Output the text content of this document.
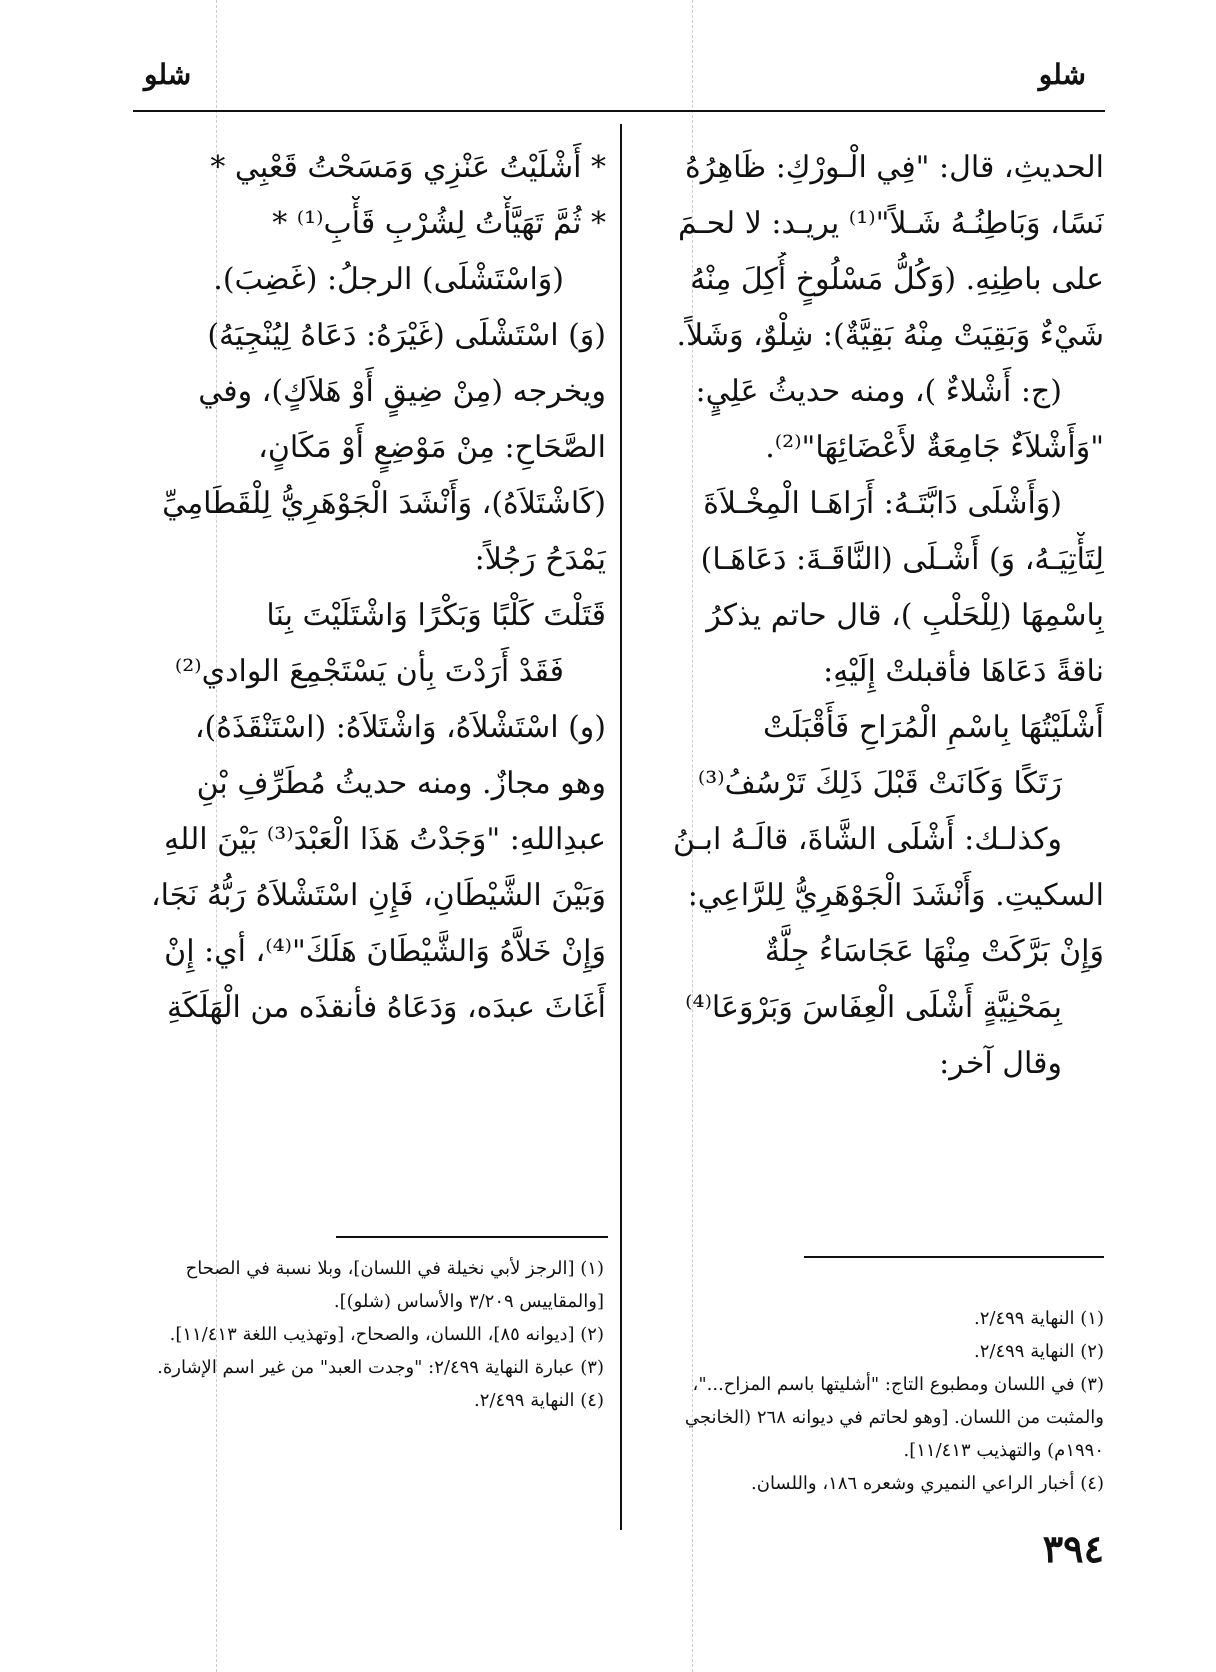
شلو
شلو
الحديثِ، قال: "فِي الْـورْكِ: ظَاهِرُهُ
نَسًا، وَبَاطِنُـهُ شَـلاً"⁽¹⁾ يريـد: لا لحـمَ
على باطِنِهِ. (وَكُلُّ مَسْلُوخٍ أُكِلَ مِنْهُ
شَيْءٌ وَبَقِيَتْ مِنْهُ بَقِيَّةٌ): شِلْوٌ، وَشَلاً.
(ج: أَشْلاءٌ )، ومنه حديثُ عَلِيٍ:
"وَأَشْلاَءٌ جَامِعَةٌ لأَعْضَائِهَا"⁽²⁾.
(وَأَشْلَى دَابَّتَـهُ: أَرَاهَـا الْمِخْـلاَةَ
لِتَأْتِيَـهُ، وَ) أَشْـلَى (النَّاقَـةَ: دَعَاهَـا)
بِاسْمِهَا (لِلْحَلْبِ )، قال حاتم يذكرُ
ناقةً دَعَاهَا فأقبلتْ إِلَيْهِ:
أَشْلَيْتُهَا بِاسْمِ الْمُرَاحِ فَأَقْبَلَتْ
رَتَكًا وَكَانَتْ قَبْلَ ذَلِكَ تَرْسُفُ⁽³⁾
وكذلـك: أَشْلَى الشَّاةَ، قالَـهُ ابـنُ
السكيتِ. وَأَنْشَدَ الْجَوْهَرِيُّ لِلرَّاعِي:
وَإِنْ بَرَّكَتْ مِنْهَا عَجَاسَاءُ جِلَّةٌ
بِمَحْنِيَّةٍ أَشْلَى الْعِفَاسَ وَبَرْوَعَا⁽⁴⁾
وقال آخر:
* أَشْلَيْتُ عَنْزِي وَمَسَحْتُ قَعْبِي *
* ثُمَّ تَهَيَّأْتُ لِشُرْبِ قَأْبِ⁽¹⁾ *
(وَاسْتَشْلَى) الرجلُ: (غَضِبَ).
(وَ) اسْتَشْلَى (غَيْرَهُ: دَعَاهُ لِيُنْجِيَهُ)
ويخرجه (مِنْ ضِيقٍ أَوْ هَلاَكٍ)، وفي
الصَّحَاحِ: مِنْ مَوْضِعٍ أَوْ مَكَانٍ،
(كَاشْتَلاَهُ)، وَأَنْشَدَ الْجَوْهَرِيُّ لِلْقَطَامِيِّ
يَمْدَحُ رَجُلاً:
قَتَلْتَ كَلْبًا وَبَكْرًا وَاشْتَلَيْتَ بِنَا
فَقَدْ أَرَدْتَ بِأن يَسْتَجْمِعَ الوادي⁽²⁾
(و) اسْتَشْلاَهُ، وَاشْتَلاَهُ: (اسْتَنْقَذَهُ)،
وهو مجازٌ. ومنه حديثُ مُطَرِّفِ بْنِ
عبدِاللهِ: "وَجَدْتُ هَذَا الْعَبْدَ⁽³⁾ بَيْنَ اللهِ
وَبَيْنَ الشَّيْطَانِ، فَإِنِ اسْتَشْلاَهُ رَبُّهُ نَجَا،
وَإِنْ خَلاَّهُ وَالشَّيْطَانَ هَلَكَ"⁽⁴⁾، أي: إِنْ
أَغَاثَ عبدَه، وَدَعَاهُ فأنقذَه من الْهَلَكَةِ
(١) النهاية ٢/٤٩٩.
(٢) النهاية ٢/٤٩٩.
(٣) في اللسان ومطبوع التاج: "أشليتها باسم المزاح..."، والمثبت من اللسان. [وهو لحاتم في ديوانه ٢٦٨ (الخانجي ١٩٩٠م) والتهذيب ١١/٤١٣].
(٤) أخبار الراعي النميري وشعره ١٨٦، واللسان.
(١) [الرجز لأبي نخيلة في اللسان]، وبلا نسبة في الصحاح [والمقاييس ٣/٢٠٩ والأساس (شلو)].
(٢) [ديوانه ٨٥]، اللسان، والصحاح، [وتهذيب اللغة ١١/٤١٣].
(٣) عبارة النهاية ٢/٤٩٩: "وجدت العبد" من غير اسم الإشارة.
(٤) النهاية ٢/٤٩٩.
٣٩٤
